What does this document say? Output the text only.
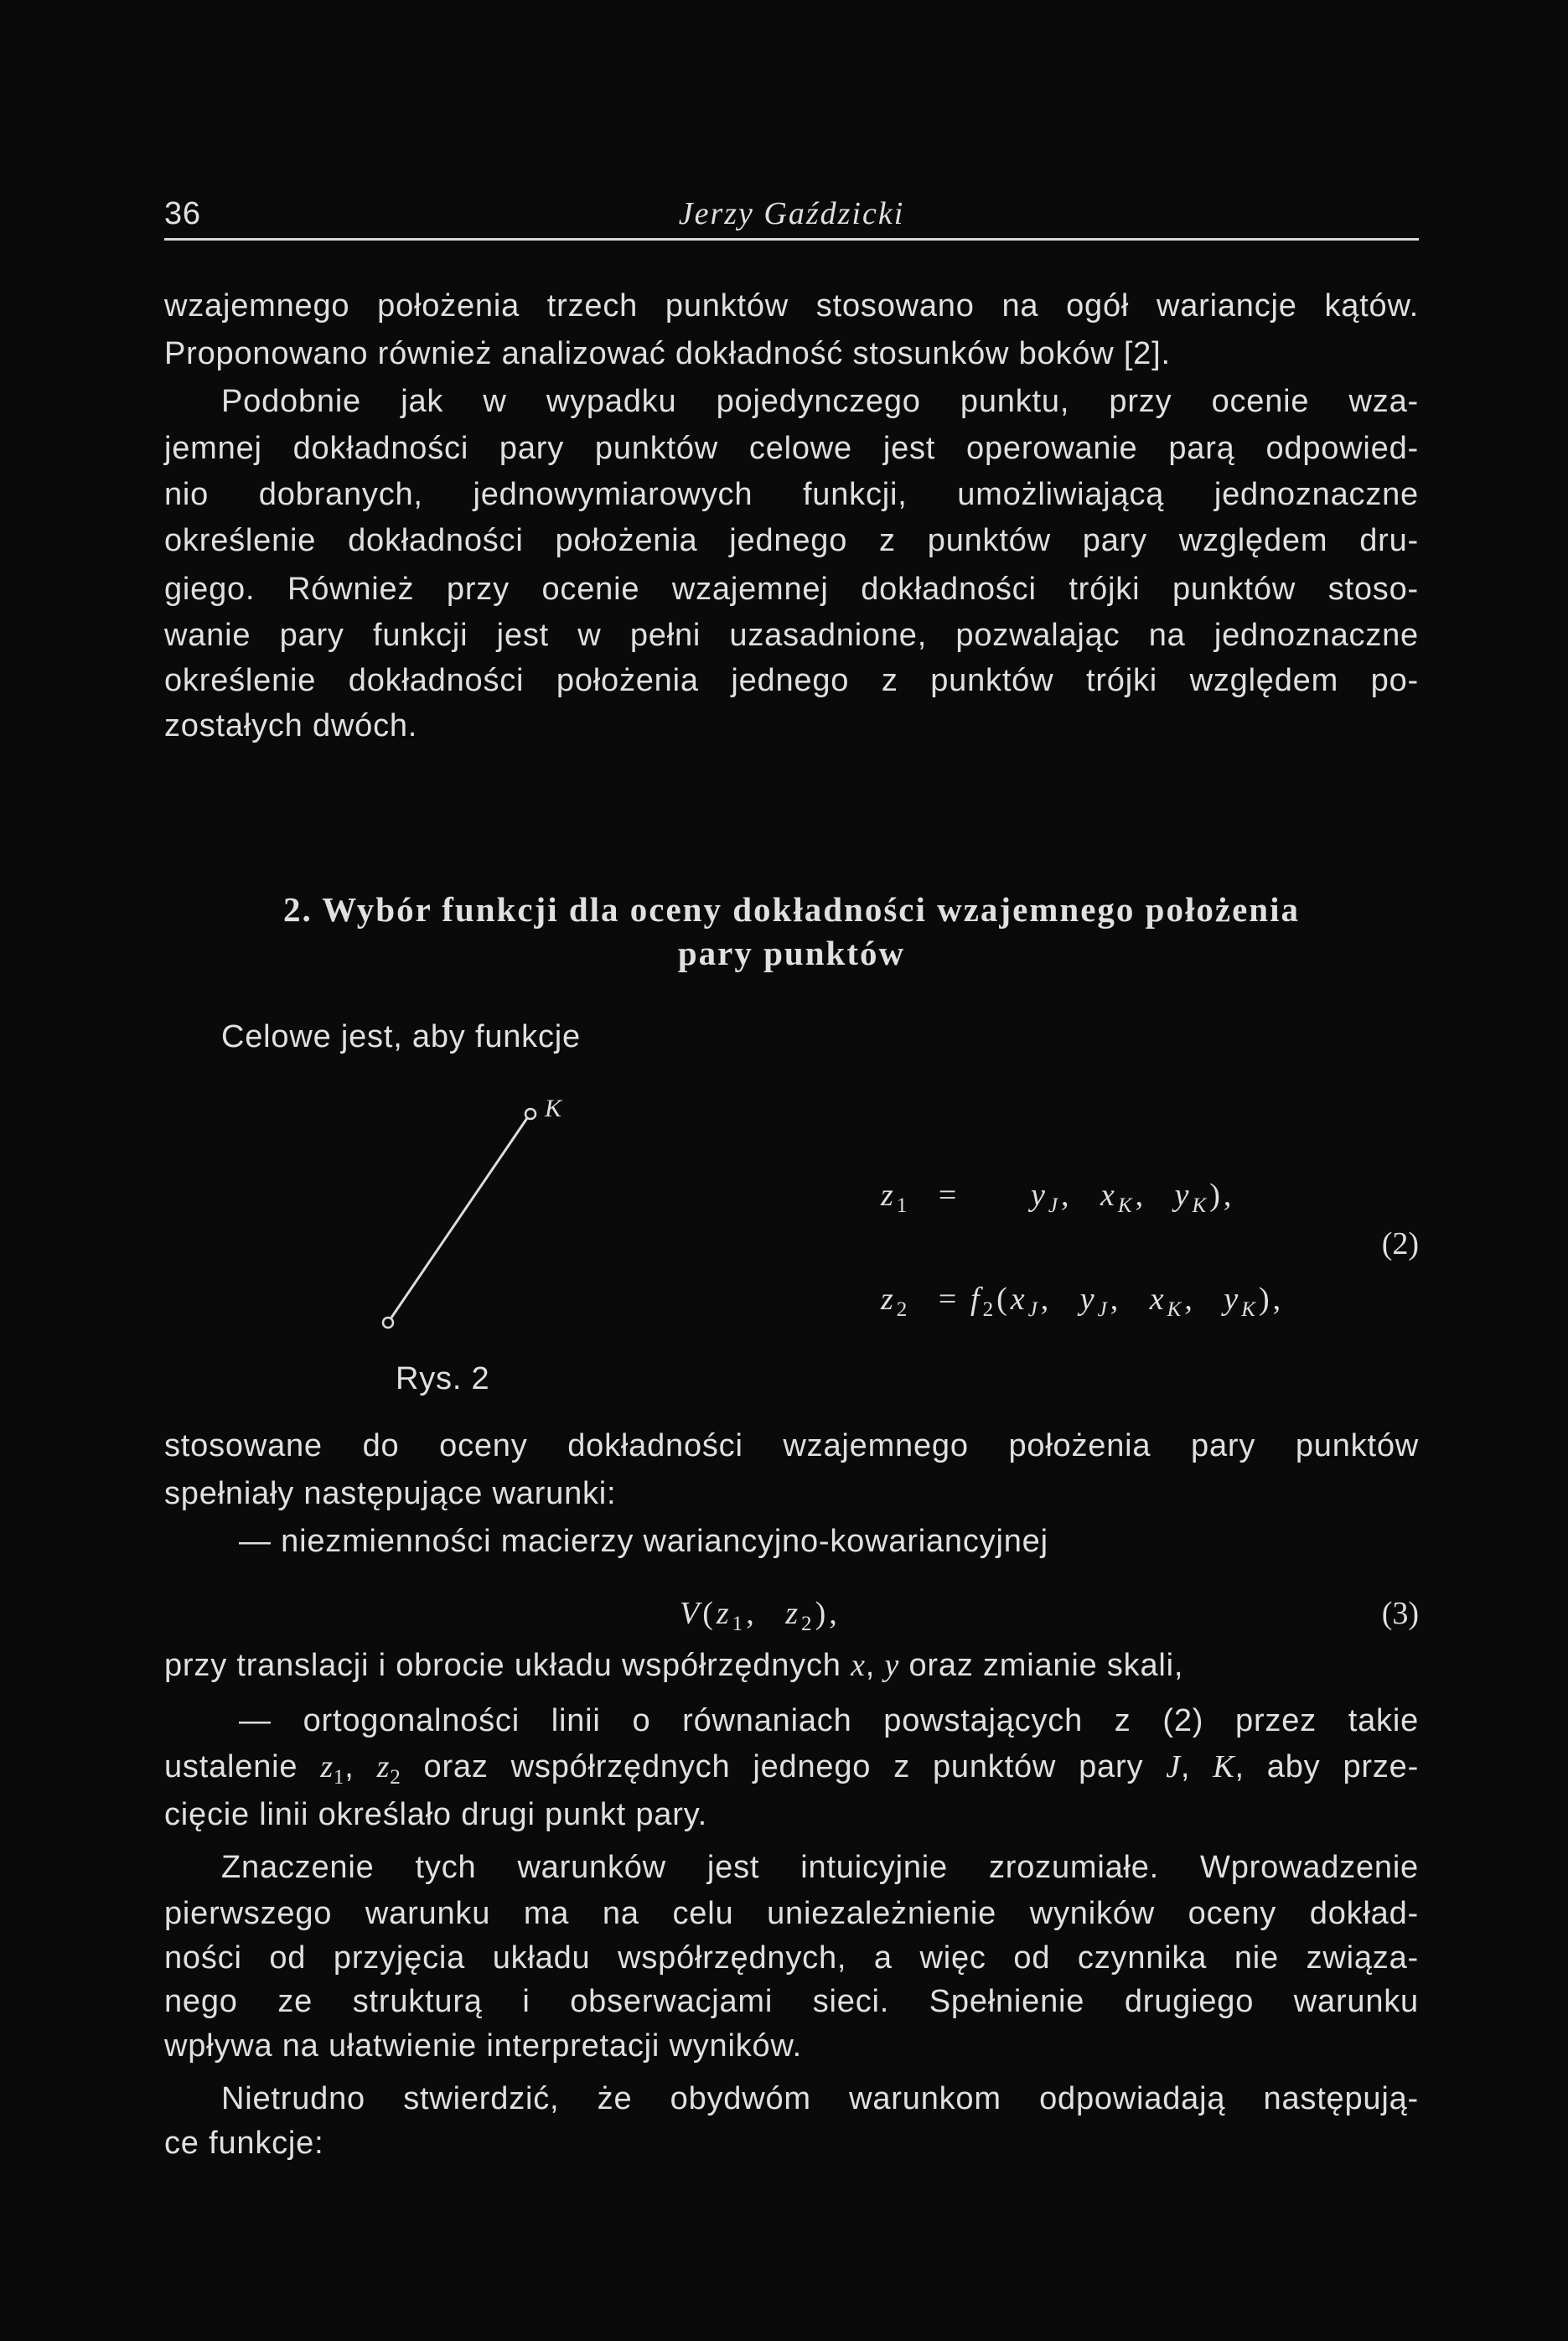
36	Jerzy Gaździcki
wzajemnego położenia trzech punktów stosowano na ogół wariancje kątów.
Proponowano również analizować dokładność stosunków boków [2].
Podobnie jak w wypadku pojedynczego punktu, przy ocenie wza-
jemnej dokładności pary punktów celowe jest operowanie parą odpowied-
nio dobranych, jednowymiarowych funkcji, umożliwiającą jednoznaczne
określenie dokładności położenia jednego z punktów pary względem dru-
giego. Również przy ocenie wzajemnej dokładności trójki punktów stoso-
wanie pary funkcji jest w pełni uzasadnione, pozwalając na jednoznaczne
określenie dokładności położenia jednego z punktów trójki względem po-
zostałych dwóch.
2. Wybór funkcji dla oceny dokładności wzajemnego położenia
pary punktów
Celowe jest, aby funkcje
K
Rys. 2
$z_1 = y_J$, $x_K$, $y_K$),
$z_2 = f_2(x_J$, $y_J$, $x_K$, $y_K$),
(2)
stosowane do oceny dokładności wzajemnego położenia pary punktów
spełniały następujące warunki:
— niezmienności macierzy wariancyjno-kowariancyjnej
$V(z_1$, $z_2$),	(3)
przy translacji i obrocie układu współrzędnych x, y oraz zmianie skali,
— ortogonalności linii o równaniach powstających z (2) przez takie
ustalenie $z_1$, $z_2$ oraz współrzędnych jednego z punktów pary J, K, aby prze-
cięcie linii określało drugi punkt pary.
Znaczenie tych warunków jest intuicyjnie zrozumiałe. Wprowadzenie
pierwszego warunku ma na celu uniezależnienie wyników oceny dokład-
ności od przyjęcia układu współrzędnych, a więc od czynnika nie związa-
nego ze strukturą i obserwacjami sieci. Spełnienie drugiego warunku
wpływa na ułatwienie interpretacji wyników.
Nietrudno stwierdzić, że obydwóm warunkom odpowiadają następują-
ce funkcje:
